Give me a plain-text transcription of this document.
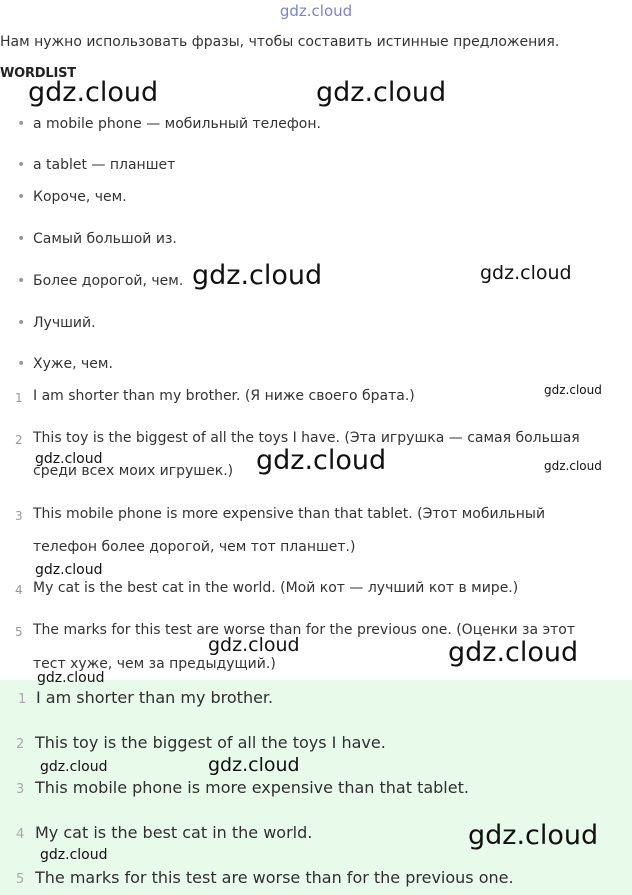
gdz.cloud
Нам нужно использовать фразы, чтобы составить истинные предложения.
WORDLIST
• a mobile phone — мобильный телефон.
• a tablet — планшет
• Короче, чем.
• Самый большой из.
• Более дорогой, чем.
• Лучший.
• Хуже, чем.
1 I am shorter than my brother. (Я ниже своего брата.)
2 This toy is the biggest of all the toys I have. (Эта игрушка — самая большая
среди всех моих игрушек.)
3 This mobile phone is more expensive than that tablet. (Этот мобильный
телефон более дорогой, чем тот планшет.)
4 My cat is the best cat in the world. (Мой кот — лучший кот в мире.)
5 The marks for this test are worse than for the previous one. (Оценки за этот
тест хуже, чем за предыдущий.)
1 I am shorter than my brother.
2 This toy is the biggest of all the toys I have.
3 This mobile phone is more expensive than that tablet.
4 My cat is the best cat in the world.
5 The marks for this test are worse than for the previous one.
gdz.cloud	gdz.cloud
gdz.cloud	gdz.cloud
gdz.cloud
gdz.cloud	gdz.cloud	gdz.cloud
gdz.cloud
gdz.cloud	gdz.cloud
gdz.cloud
gdz.cloud
gdz.cloud
gdz.cloud
gdz.cloud
